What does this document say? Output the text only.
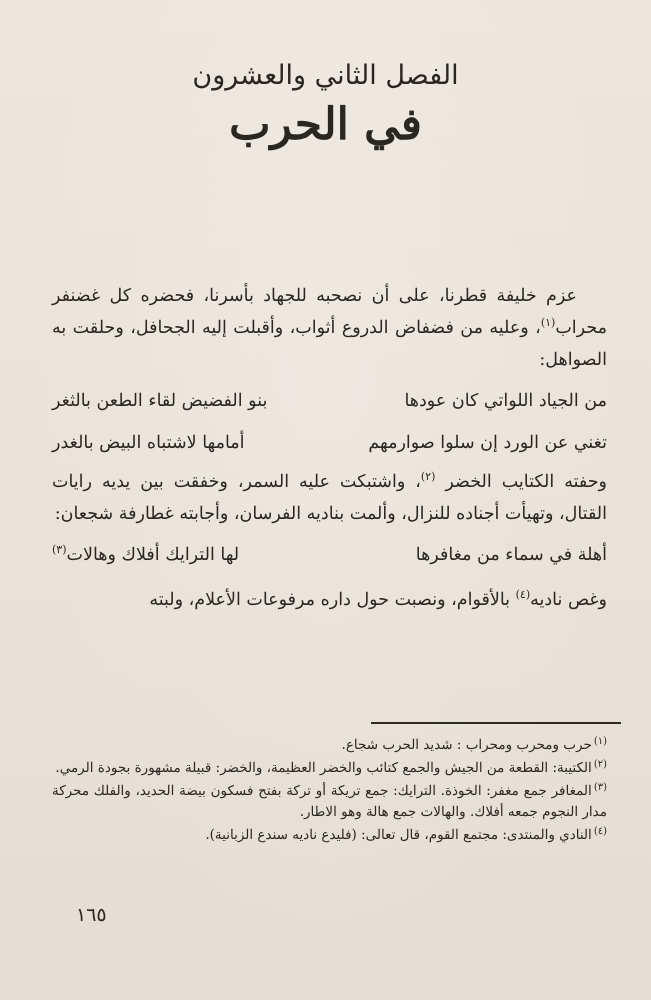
الفصل الثاني والعشرون
في الحرب

عزم خليفة قطرنا، على أن نصحبه للجهاد بأسرنا، فحضره كل غضنفر محراب$^{(١)}$، وعليه من فضفاض الدروع أثواب، وأقبلت إليه الجحافل، وحلقت به الصواهل:

من الجياد اللواتي كان عودها
بنو الفضيض لقاء الطعن بالثغر
تغني عن الورد إن سلوا صوارمهم
أمامها لاشتباه البيض بالغدر

وحفته الكتايب الخضر $^{(٢)}$، واشتبكت عليه السمر، وخفقت بين يديه رايات القتال، وتهيأت أجناده للنزال، وألمت بناديه الفرسان، وأجابته غطارفة شجعان:

أهلة في سماء من مغافرها
لها الترايك أفلاك وهالات$^{(٣)}$

وغص ناديه$^{(٤)}$ بالأقوام، ونصبت حول داره مرفوعات الأعلام، ولبته

$^{(١)}$حرب ومحرب ومحراب : شديد الحرب شجاع.

$^{(٢)}$الكتيبة: القطعة من الجيش والجمع كتائب والخضر العظيمة، والخضر: قبيلة مشهورة بجودة الرمي.

$^{(٣)}$المغافر جمع مغفر: الخوذة. الترايك: جمع تريكة أو تركة بفتح فسكون بيضة الحديد، والفلك محركة مدار النجوم جمعه أفلاك. والهالات جمع هالة وهو الاطار.

$^{(٤)}$النادي والمنتدى: مجتمع القوم، قال تعالى: (فليدع ناديه سندع الزبانية).

١٦٥
